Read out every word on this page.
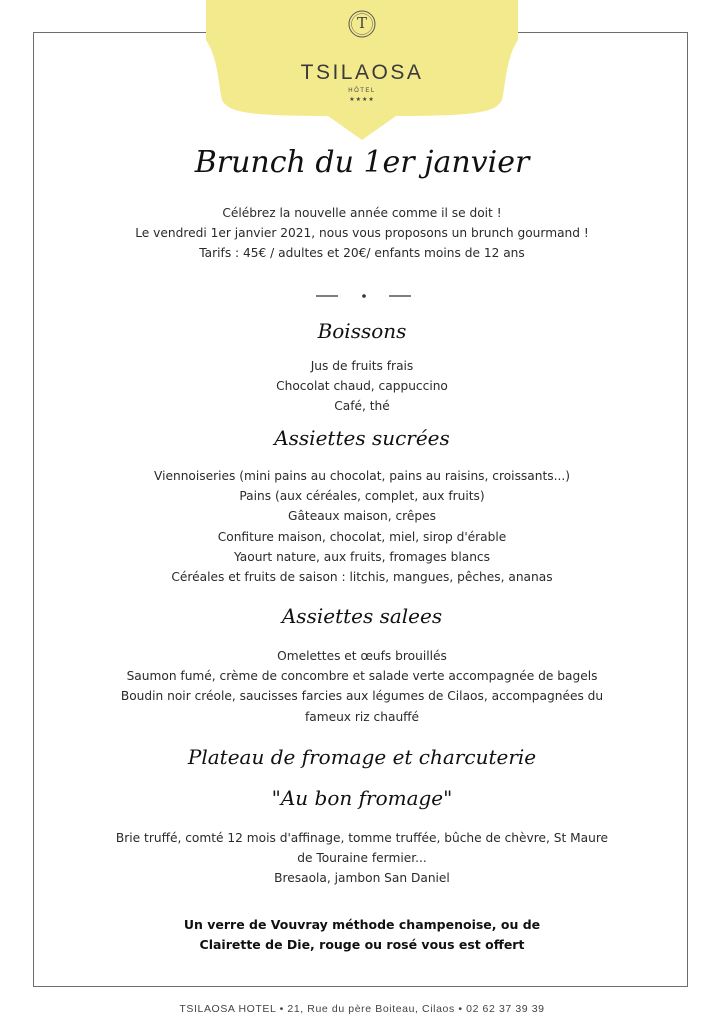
T
TSILAOSA
HÔTEL
★★★★
Brunch du 1er janvier

Célébrez la nouvelle année comme il se doit !

Le vendredi 1er janvier 2021, nous vous proposons un brunch gourmand !

Tarifs : 45€ / adultes et 20€/ enfants moins de 12 ans

Boissons

Jus de fruits frais

Chocolat chaud, cappuccino

Café, thé

Assiettes sucrées

Viennoiseries (mini pains au chocolat, pains au raisins, croissants...)

Pains (aux céréales, complet, aux fruits)

Gâteaux maison, crêpes

Confiture maison, chocolat, miel, sirop d'érable

Yaourt nature, aux fruits, fromages blancs

Céréales et fruits de saison : litchis, mangues, pêches, ananas

Assiettes salees

Omelettes et œufs brouillés

Saumon fumé, crème de concombre et salade verte accompagnée de bagels

Boudin noir créole, saucisses farcies aux légumes de Cilaos, accompagnées du

fameux riz chauffé

Plateau de fromage et charcuterie
"Au bon fromage"

Brie truffé, comté 12 mois d'affinage, tomme truffée, bûche de chèvre, St Maure

de Touraine fermier...

Bresaola, jambon San Daniel

Un verre de Vouvray méthode champenoise, ou de

Clairette de Die, rouge ou rosé vous est offert

TSILAOSA HOTEL • 21, Rue du père Boiteau, Cilaos • 02 62 37 39 39
